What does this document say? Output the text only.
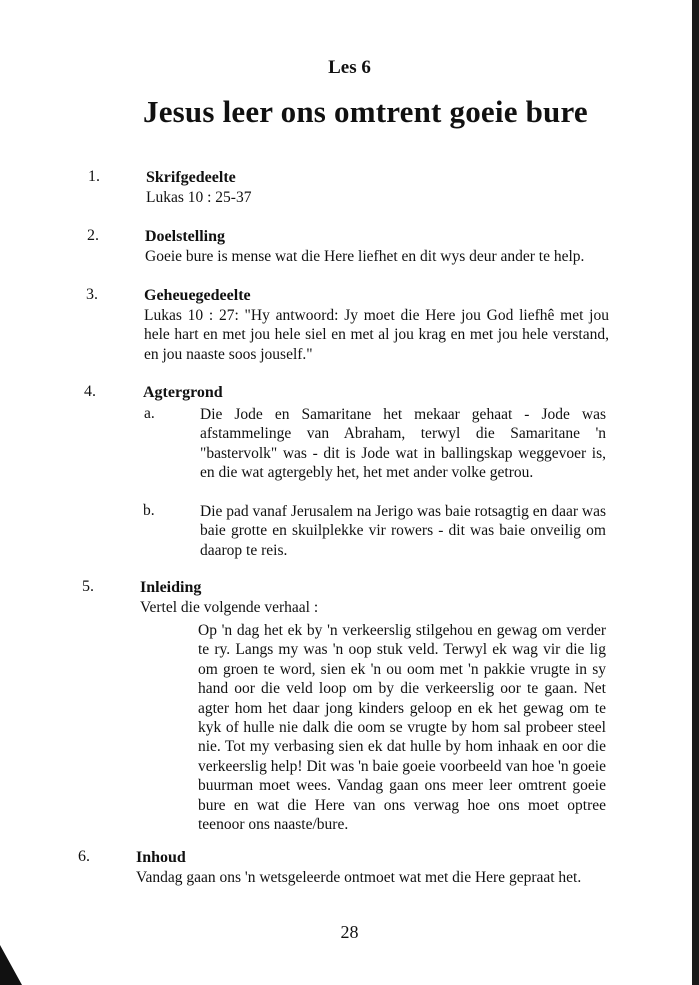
Les 6
Jesus leer ons omtrent goeie bure
1.	Skrifgedeelte
Lukas 10 : 25-37
2.	Doelstelling
Goeie bure is mense wat die Here liefhet en dit wys deur ander te help.
3.	Geheuegedeelte
Lukas 10 : 27: "Hy antwoord: Jy moet die Here jou God liefhê met jou hele hart en met jou hele siel en met al jou krag en met jou hele verstand, en jou naaste soos jouself."
4.	Agtergrond
a.	Die Jode en Samaritane het mekaar gehaat - Jode was afstammelinge van Abraham, terwyl die Samaritane 'n "bastervolk" was - dit is Jode wat in ballingskap weggevoer is, en die wat agtergebly het, het met ander volke getrou.
b.	Die pad vanaf Jerusalem na Jerigo was baie rotsagtig en daar was baie grotte en skuilplekke vir rowers - dit was baie onveilig om daarop te reis.
5.	Inleiding
Vertel die volgende verhaal :
Op 'n dag het ek by 'n verkeerslig stilgehou en gewag om verder te ry. Langs my was 'n oop stuk veld. Terwyl ek wag vir die lig om groen te word, sien ek 'n ou oom met 'n pakkie vrugte in sy hand oor die veld loop om by die verkeerslig oor te gaan. Net agter hom het daar jong kinders geloop en ek het gewag om te kyk of hulle nie dalk die oom se vrugte by hom sal probeer steel nie. Tot my verbasing sien ek dat hulle by hom inhaak en oor die verkeerslig help! Dit was 'n baie goeie voorbeeld van hoe 'n goeie buurman moet wees. Vandag gaan ons meer leer omtrent goeie bure en wat die Here van ons verwag hoe ons moet optree teenoor ons naaste/bure.
6.	Inhoud
Vandag gaan ons 'n wetsgeleerde ontmoet wat met die Here gepraat het.
28
